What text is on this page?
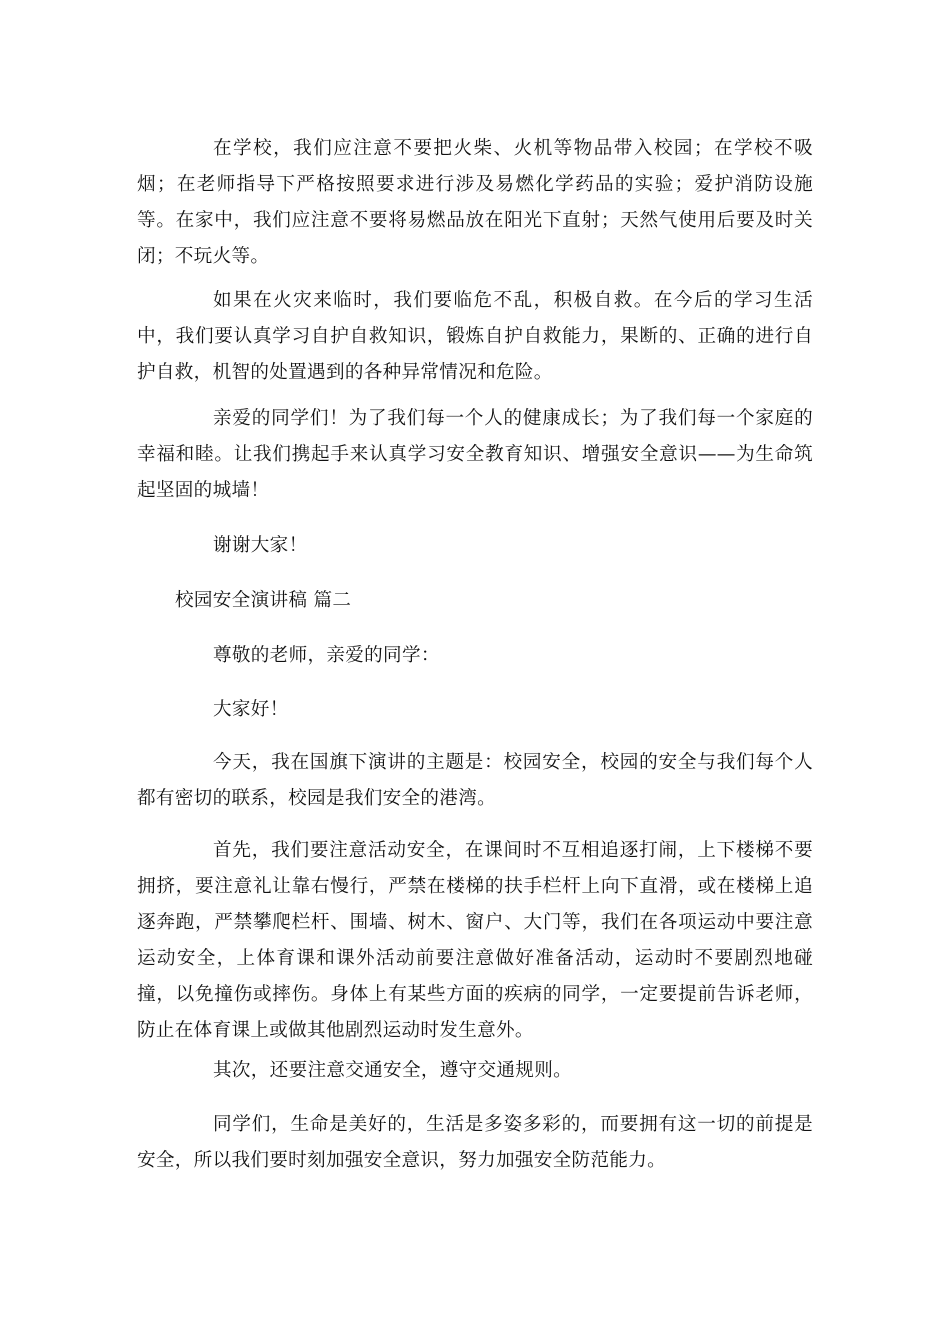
在学校，我们应注意不要把火柴、火机等物品带入校园；在学校不吸烟；在老师指导下严格按照要求进行涉及易燃化学药品的实验；爱护消防设施等。在家中，我们应注意不要将易燃品放在阳光下直射；天然气使用后要及时关闭；不玩火等。

如果在火灾来临时，我们要临危不乱，积极自救。在今后的学习生活中，我们要认真学习自护自救知识，锻炼自护自救能力，果断的、正确的进行自护自救，机智的处置遇到的各种异常情况和危险。

亲爱的同学们！为了我们每一个人的健康成长；为了我们每一个家庭的幸福和睦。让我们携起手来认真学习安全教育知识、增强安全意识——为生命筑起坚固的城墙！

谢谢大家！

校园安全演讲稿 篇二

尊敬的老师，亲爱的同学：

大家好！

今天，我在国旗下演讲的主题是：校园安全，校园的安全与我们每个人都有密切的联系，校园是我们安全的港湾。

首先，我们要注意活动安全，在课间时不互相追逐打闹，上下楼梯不要拥挤，要注意礼让靠右慢行，严禁在楼梯的扶手栏杆上向下直滑，或在楼梯上追逐奔跑，严禁攀爬栏杆、围墙、树木、窗户、大门等，我们在各项运动中要注意运动安全，上体育课和课外活动前要注意做好准备活动，运动时不要剧烈地碰撞，以免撞伤或摔伤。身体上有某些方面的疾病的同学，一定要提前告诉老师，防止在体育课上或做其他剧烈运动时发生意外。

其次，还要注意交通安全，遵守交通规则。

同学们，生命是美好的，生活是多姿多彩的，而要拥有这一切的前提是安全，所以我们要时刻加强安全意识，努力加强安全防范能力。
